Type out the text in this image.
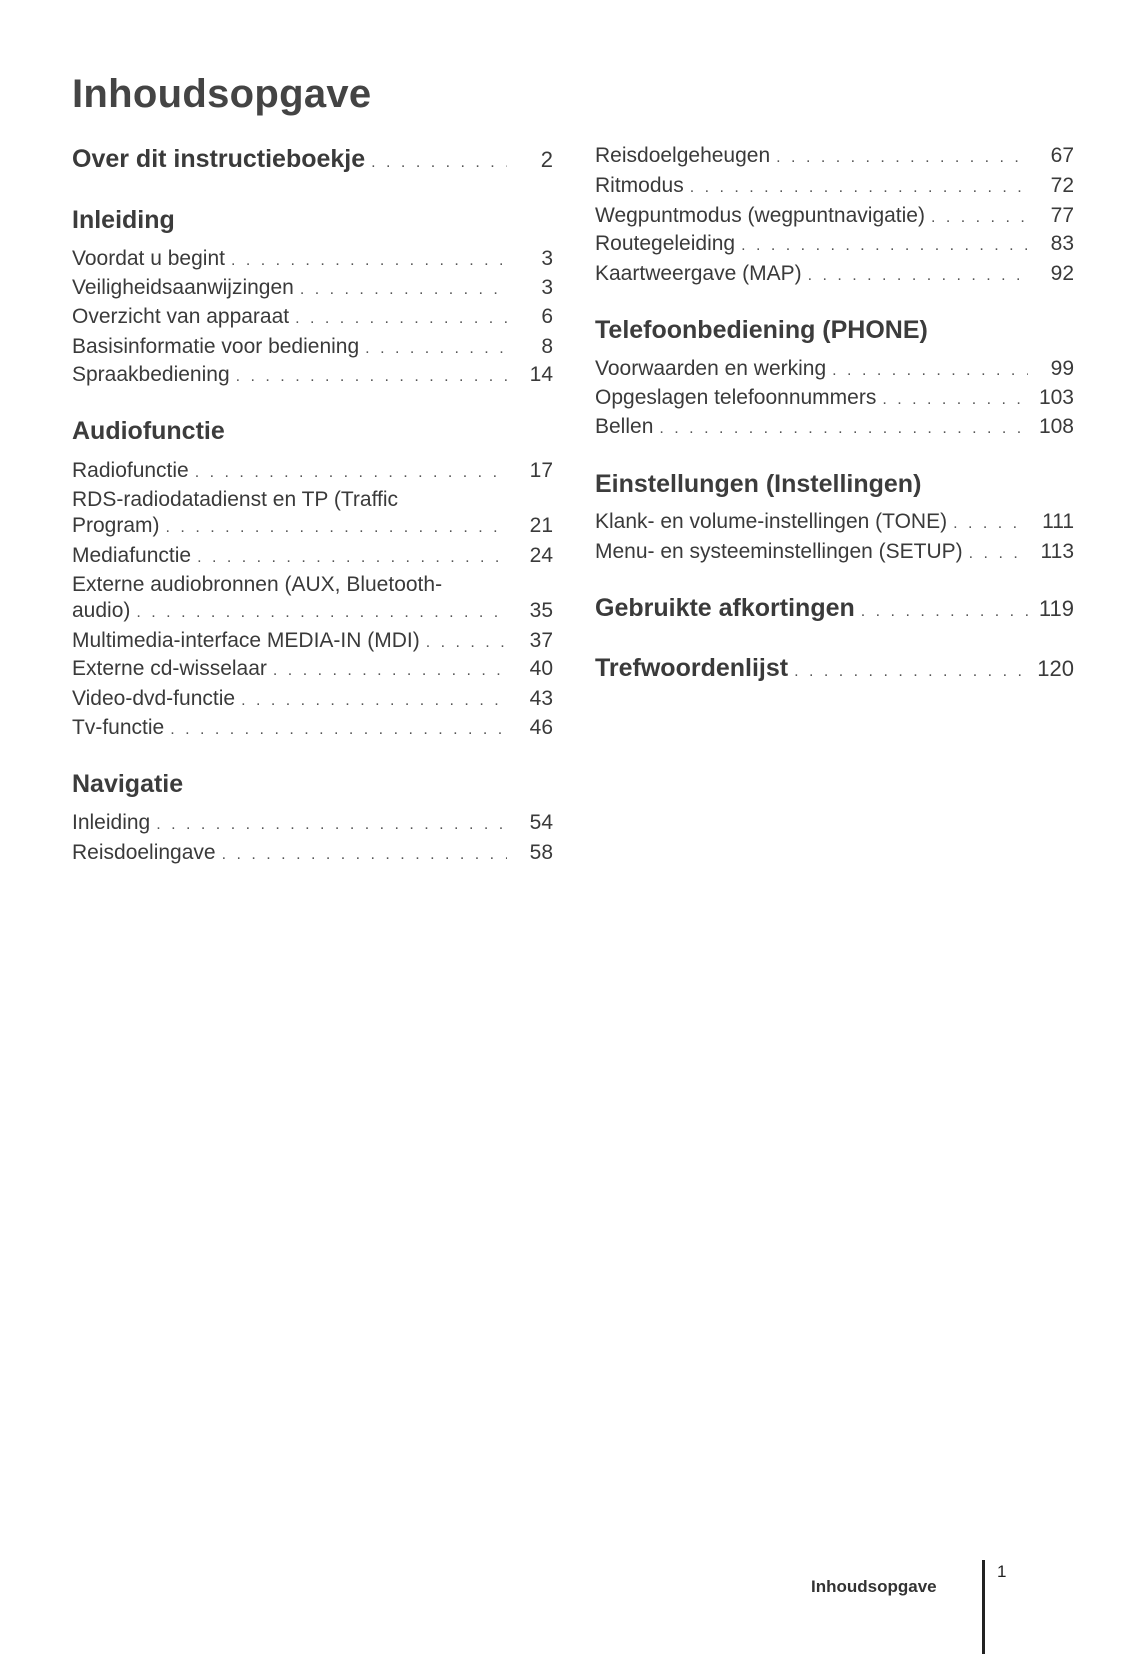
Inhoudsopgave
Over dit instructieboekje . . .	2
Inleiding
Voordat u begint . . .	3
Veiligheidsaanwijzingen . . .	3
Overzicht van apparaat . . .	6
Basisinformatie voor bediening . . .	8
Spraakbediening . . .	14
Audiofunctie
Radiofunctie . . .	17
RDS-radiodatadienst en TP (Traffic
Program) . . .	21
Mediafunctie . . .	24
Externe audiobronnen (AUX, Bluetooth-
audio) . . .	35
Multimedia-interface MEDIA-IN (MDI) . . .	37
Externe cd-wisselaar . . .	40
Video-dvd-functie . . .	43
Tv-functie . . .	46
Navigatie
Inleiding . . .	54
Reisdoelingave . . .	58
Reisdoelgeheugen . . .	67
Ritmodus . . .	72
Wegpuntmodus (wegpuntnavigatie) . . .	77
Routegeleiding . . .	83
Kaartweergave (MAP) . . .	92
Telefoonbediening (PHONE)
Voorwaarden en werking . . .	99
Opgeslagen telefoonnummers . . .	103
Bellen . . .	108
Einstellungen (Instellingen)
Klank- en volume-instellingen (TONE) . . .	111
Menu- en systeeminstellingen (SETUP) . . .	113
Gebruikte afkortingen . . .	119
Trefwoordenlijst . . .	120
Inhoudsopgave
1
